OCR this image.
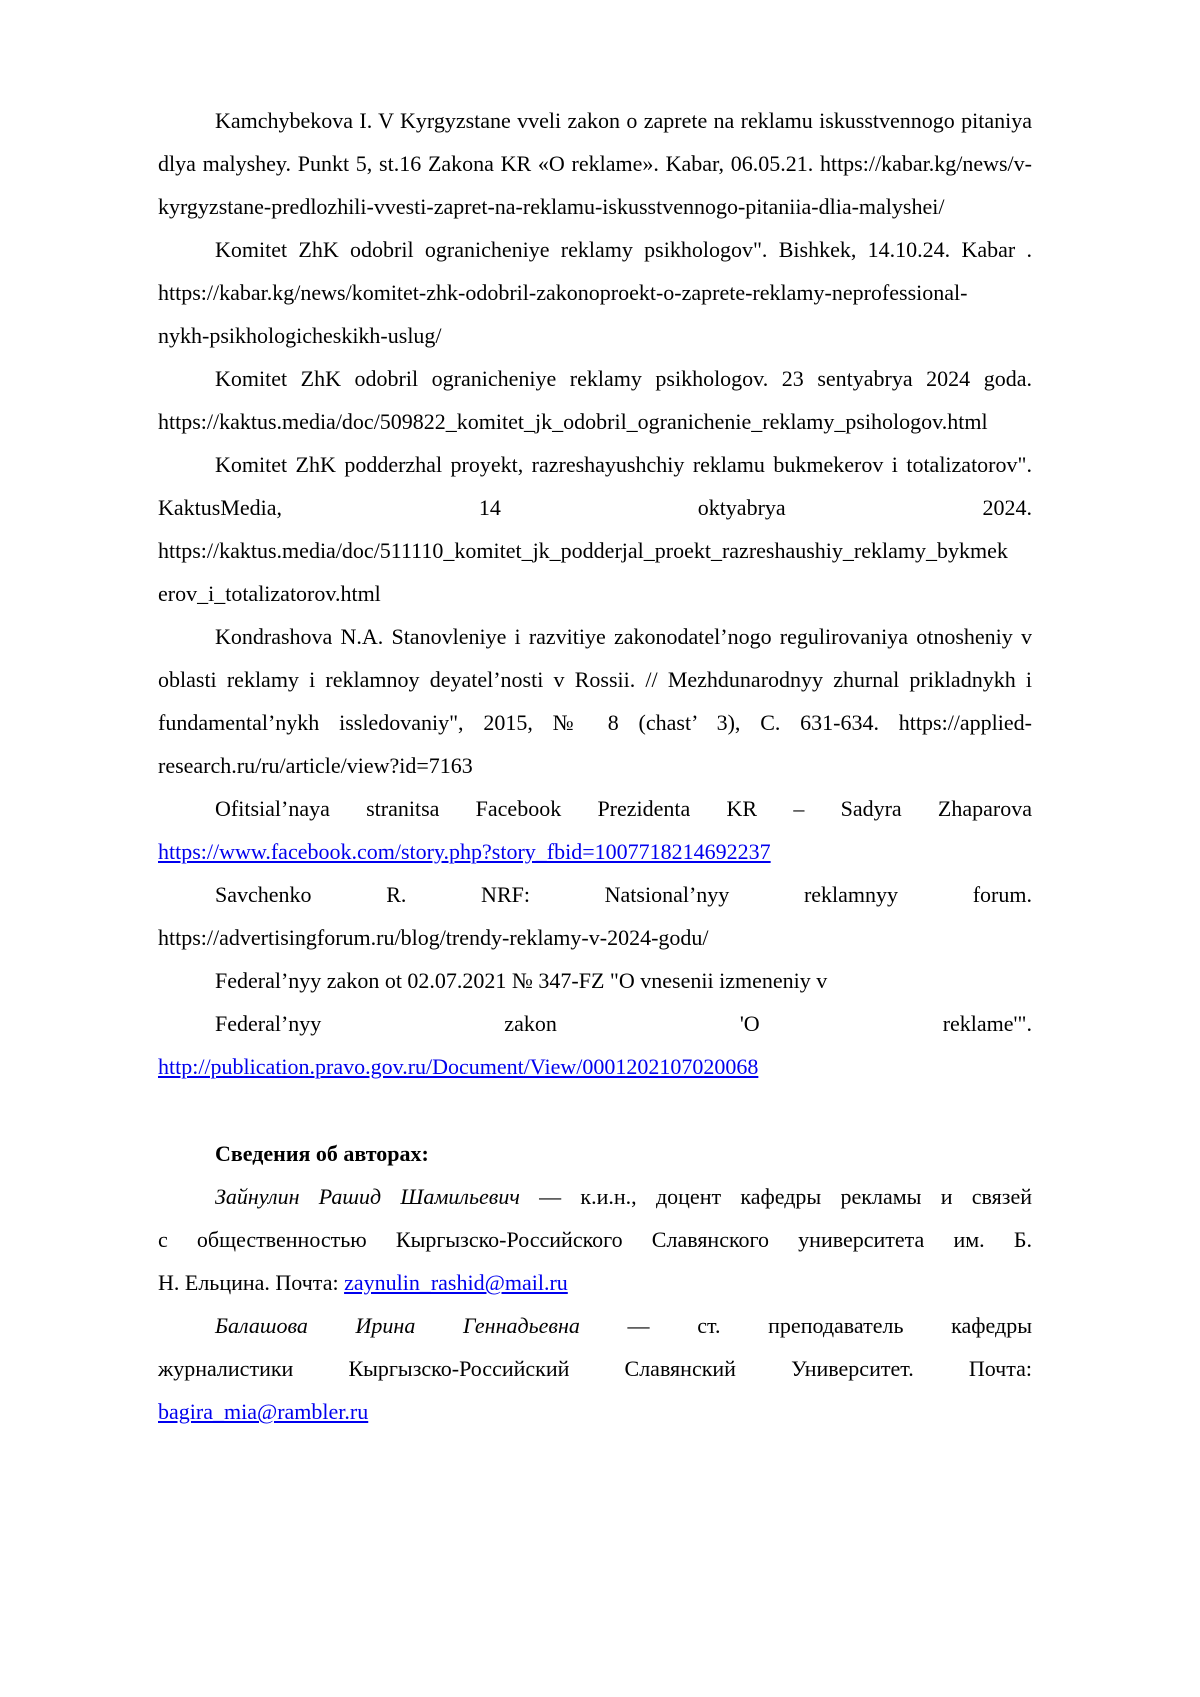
Kamchybekova I. V Kyrgyzstane vveli zakon o zaprete na reklamu iskusstvennogo pitaniya
dlya malyshey. Punkt 5, st.16 Zakona KR «O reklame». Kabar, 06.05.21. https://kabar.kg/news/v-
kyrgyzstane-predlozhili-vvesti-zapret-na-reklamu-iskusstvennogo-pitaniia-dlia-malyshei/
Komitet ZhK odobril ogranicheniye reklamy psikhologov". Bishkek, 14.10.24. Kabar .
https://kabar.kg/news/komitet-zhk-odobril-zakonoproekt-o-zaprete-reklamy-neprofessional-
nykh-psikhologicheskikh-uslug/
Komitet ZhK odobril ogranicheniye reklamy psikhologov. 23 sentyabrya 2024 goda.
https://kaktus.media/doc/509822_komitet_jk_odobril_ogranichenie_reklamy_psihologov.html
Komitet ZhK podderzhal proyekt, razreshayushchiy reklamu bukmekerov i totalizatorov".
KaktusMedia, 14 oktyabrya 2024.
https://kaktus.media/doc/511110_komitet_jk_podderjal_proekt_razreshaushiy_reklamy_bykmek
erov_i_totalizatorov.html
Kondrashova N.A. Stanovleniye i razvitiye zakonodatel’nogo regulirovaniya otnosheniy v
oblasti reklamy i reklamnoy deyatel’nosti v Rossii. // Mezhdunarodnyy zhurnal prikladnykh i
fundamental’nykh issledovaniy", 2015, № 8 (chast’ 3), C. 631-634. https://applied-
research.ru/ru/article/view?id=7163
Ofitsial’naya stranitsa Facebook Prezidenta KR – Sadyra Zhaparova
https://www.facebook.com/story.php?story_fbid=1007718214692237
Savchenko R. NRF: Natsional’nyy reklamnyy forum.
https://advertisingforum.ru/blog/trendy-reklamy-v-2024-godu/
Federal’nyy zakon ot 02.07.2021 № 347-FZ "O vnesenii izmeneniy v
Federal’nyy zakon 'O reklame'".
http://publication.pravo.gov.ru/Document/View/0001202107020068
Сведения об авторах:
Зайнулин Рашид Шамильевич — к.и.н., доцент кафедры рекламы и связей
с общественностью Кыргызско-Российского Славянского университета им. Б.
Н. Ельцина. Почта: zaynulin_rashid@mail.ru
Балашова Ирина Геннадьевна — ст. преподаватель кафедры
журналистики Кыргызско-Российский Славянский Университет. Почта:
bagira_mia@rambler.ru
